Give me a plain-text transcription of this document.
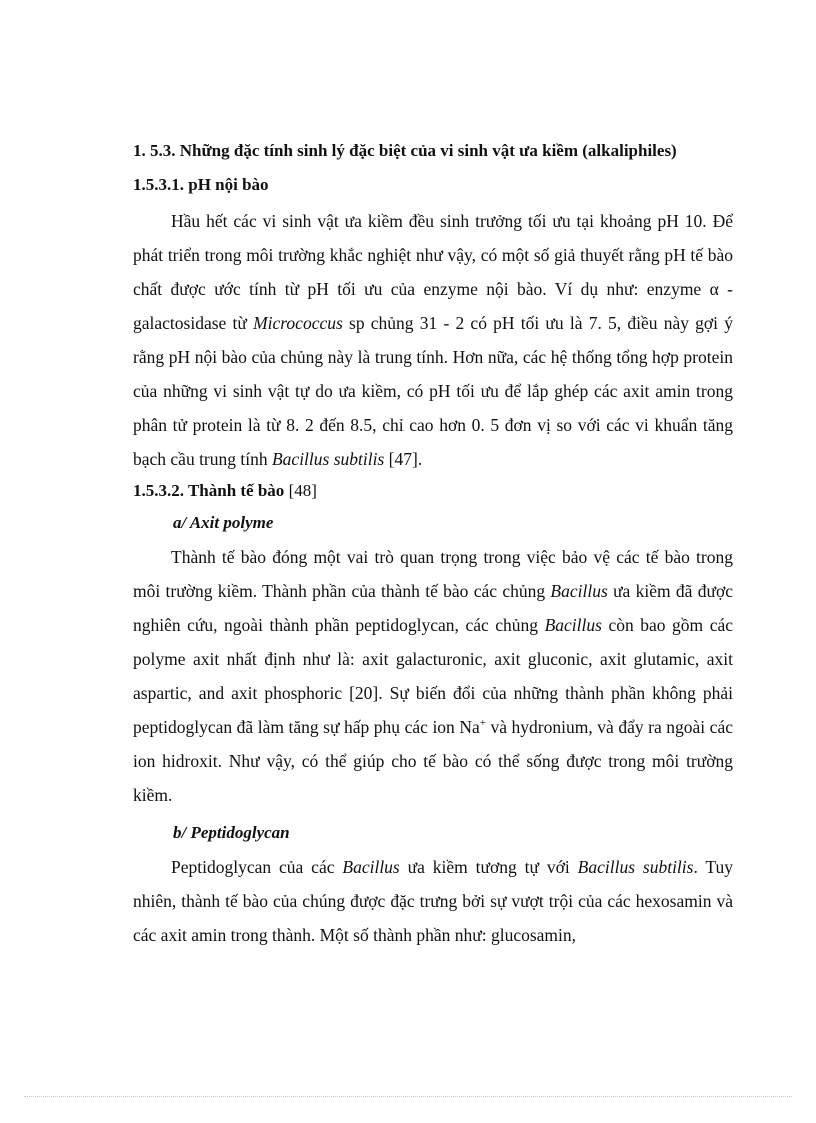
1. 5.3. Những đặc tính sinh lý đặc biệt của vi sinh vật ưa kiềm (alkaliphiles)

1.5.3.1. pH nội bào

Hầu hết các vi sinh vật ưa kiềm đều sinh trưởng tối ưu tại khoảng pH 10. Để phát triển trong môi trường khắc nghiệt như vậy, có một số giả thuyết rằng pH tế bào chất được ước tính từ pH tối ưu của enzyme nội bào. Ví dụ như: enzyme α - galactosidase từ Micrococcus sp chủng 31 - 2 có pH tối ưu là 7. 5, điều này gợi ý rằng pH nội bào của chủng này là trung tính. Hơn nữa, các hệ thống tổng hợp protein của những vi sinh vật tự do ưa kiềm, có pH tối ưu để lắp ghép các axit amin trong phân tử protein là từ 8. 2 đến 8.5, chỉ cao hơn 0. 5 đơn vị so với các vi khuẩn tăng bạch cầu trung tính Bacillus subtilis [47].

1.5.3.2. Thành tế bào [48]

a/ Axit polyme

Thành tế bào đóng một vai trò quan trọng trong việc bảo vệ các tế bào trong môi trường kiềm. Thành phần của thành tế bào các chủng Bacillus ưa kiềm đã được nghiên cứu, ngoài thành phần peptidoglycan, các chủng Bacillus còn bao gồm các polyme axit nhất định như là: axit galacturonic, axit gluconic, axit glutamic, axit aspartic, and axit phosphoric [20]. Sự biến đổi của những thành phần không phải peptidoglycan đã làm tăng sự hấp phụ các ion Na+ và hydronium, và đẩy ra ngoài các ion hidroxit. Như vậy, có thể giúp cho tế bào có thể sống được trong môi trường kiềm.

b/ Peptidoglycan

Peptidoglycan của các Bacillus ưa kiềm tương tự với Bacillus subtilis. Tuy nhiên, thành tế bào của chúng được đặc trưng bởi sự vượt trội của các hexosamin và các axit amin trong thành. Một số thành phần như: glucosamin,
